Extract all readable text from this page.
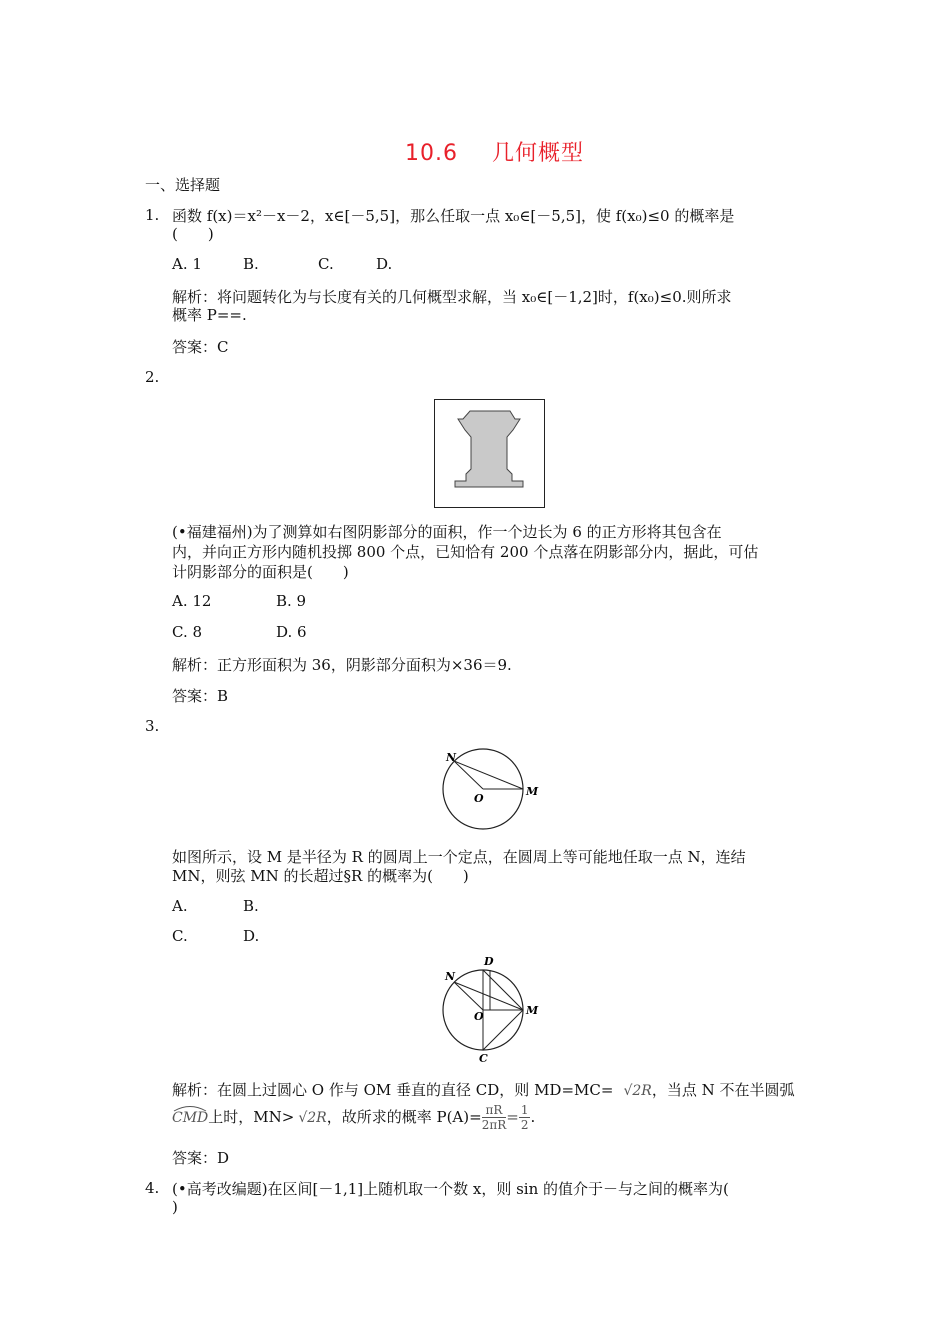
10.6 几何概型
一、选择题
1. 函数 f(x)＝x²－x－2，x∈[－5,5]，那么任取一点 x₀∈[－5,5]，使 f(x₀)≤0 的概率是
(　　)
A. 1	B.	C.	D.
解析：将问题转化为与长度有关的几何概型求解，当 x₀∈[－1,2]时，f(x₀)≤0.则所求
概率 P==.
答案：C
2.
(•福建福州)为了测算如右图阴影部分的面积，作一个边长为 6 的正方形将其包含在
内，并向正方形内随机投掷 800 个点，已知恰有 200 个点落在阴影部分内，据此，可估
计阴影部分的面积是(　　)
A. 12	B. 9
C. 8	D. 6
解析：正方形面积为 36，阴影部分面积为×36＝9.
答案：B
3.
N
O
M
如图所示，设 M 是半径为 R 的圆周上一个定点，在圆周上等可能地任取一点 N，连结
MN，则弦 MN 的长超过§R 的概率为(　　)
A.	B.
C.	D.
N
O	M
D
C
解析：在圆上过圆心 O 作与 OM 垂直的直径 CD，则 MD=MC= √2R，当点 N 不在半圆弧
CMD上时，MN> √2R，故所求的概率 $P(A)= \frac{\pi R}{2\pi R} = \frac{1}{2}$ .
答案：D
4. (•高考改编题)在区间[－1,1]上随机取一个数 x，则 sin 的值介于－与之间的概率为(
)
